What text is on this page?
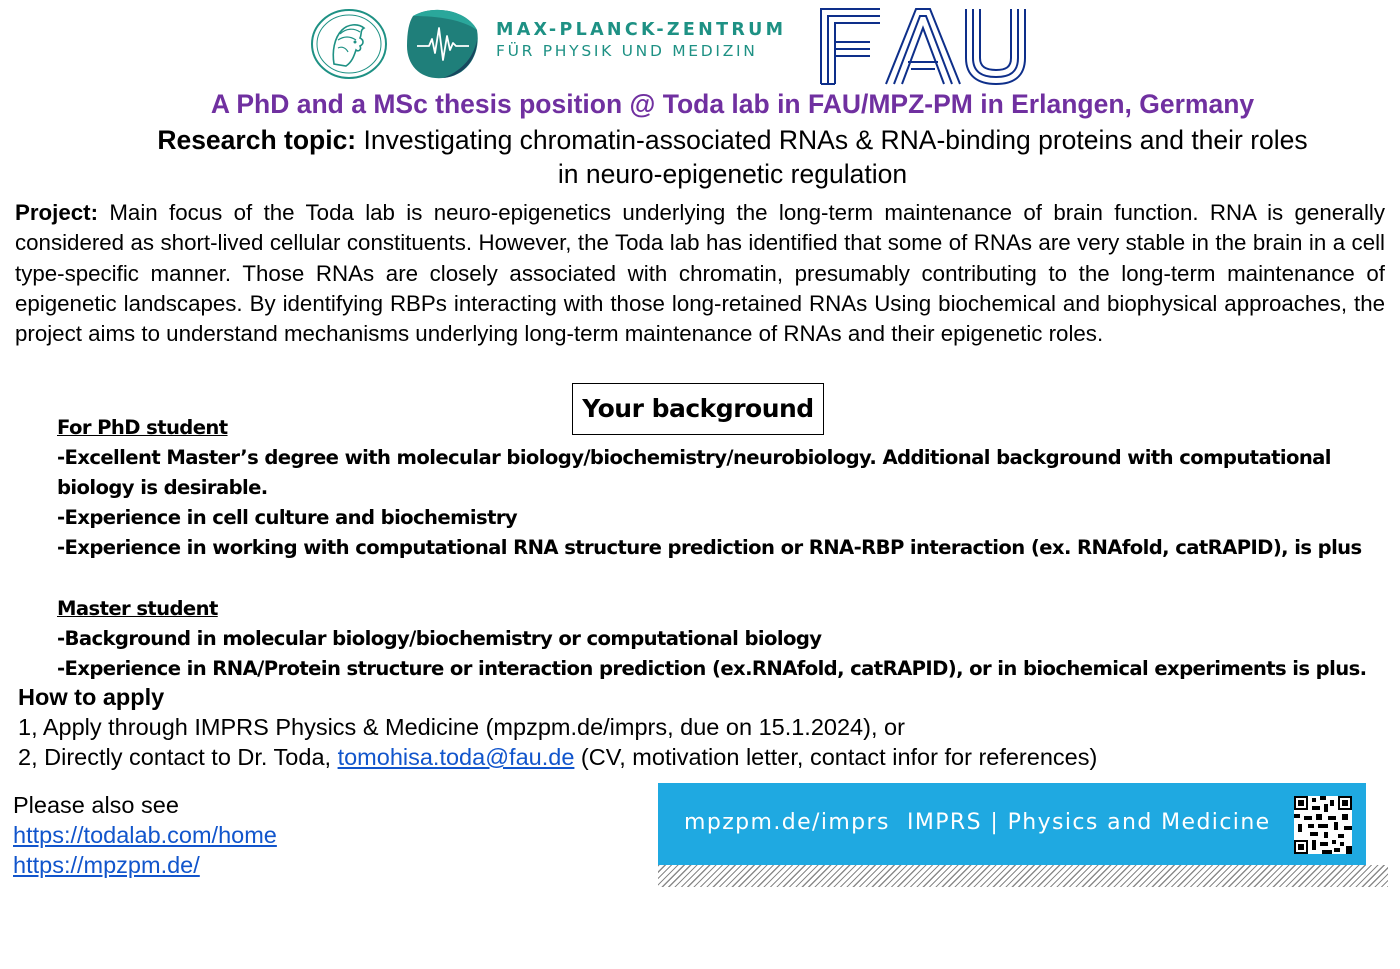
MAX-PLANCK-ZENTRUM
FÜR PHYSIK UND MEDIZIN
FAU
A PhD and a MSc thesis position @ Toda lab in FAU/MPZ-PM in Erlangen, Germany
Research topic: Investigating chromatin-associated RNAs & RNA-binding proteins and their roles
in neuro-epigenetic regulation
Project: Main focus of the Toda lab is neuro-epigenetics underlying the long-term maintenance of brain function. RNA is generally considered as short-lived cellular constituents. However, the Toda lab has identified that some of RNAs are very stable in the brain in a cell type-specific manner. Those RNAs are closely associated with chromatin, presumably contributing to the long-term maintenance of epigenetic landscapes. By identifying RBPs interacting with those long-retained RNAs Using biochemical and biophysical approaches, the project aims to understand mechanisms underlying long-term maintenance of RNAs and their epigenetic roles.
Your background
For PhD student
-Excellent Master’s degree with molecular biology/biochemistry/neurobiology. Additional background with computational
biology is desirable.
-Experience in cell culture and biochemistry
-Experience in working with computational RNA structure prediction or RNA-RBP interaction (ex. RNAfold, catRAPID), is plus
Master student
-Background in molecular biology/biochemistry or computational biology
-Experience in RNA/Protein structure or interaction prediction (ex.RNAfold, catRAPID), or in biochemical experiments is plus.
How to apply
1, Apply through IMPRS Physics & Medicine (mpzpm.de/imprs, due on 15.1.2024), or
2, Directly contact to Dr. Toda, tomohisa.toda@fau.de (CV, motivation letter, contact infor for references)
Please also see
https://todalab.com/home
https://mpzpm.de/
mpzpm.de/imprs IMPRS | Physics and Medicine
